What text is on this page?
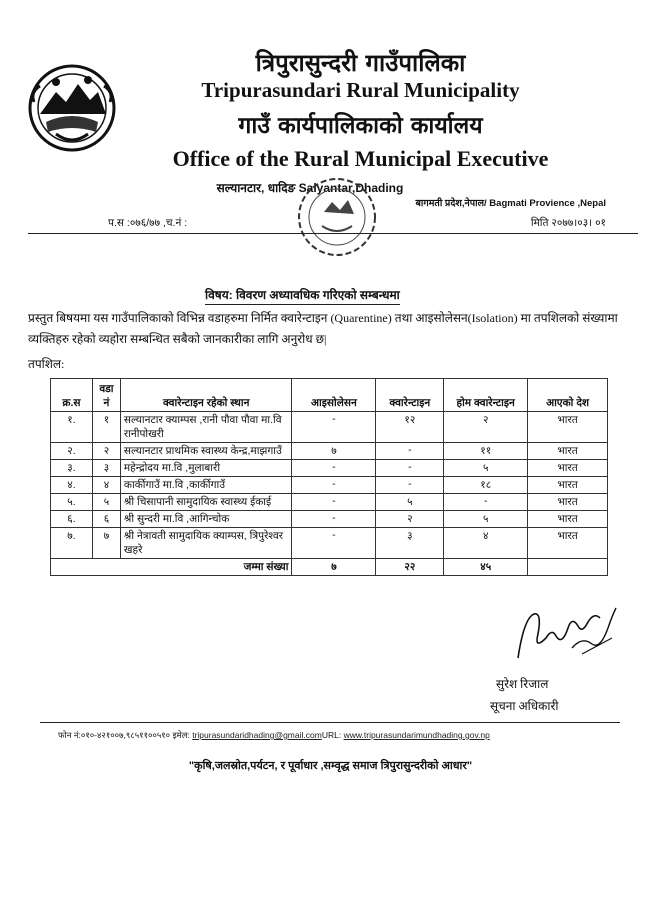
त्रिपुरासुन्दरी गाउँपालिका
Tripurasundari Rural Municipality
गाउँ कार्यपालिकाको कार्यालय
Office of the Rural Municipal Executive
सल्यानटार, धादिङ Salyantar,Dhading
बागमती प्रदेश,नेपाल/ Bagmati Provience ,Nepal
प.स :०७६/७७ ,च.नं :	मिति २०७७।०३। ०१
विषय: विवरण अध्यावधिक गरिएको सम्बन्धमा
प्रस्तुत बिषयमा यस गाउँपालिकाको विभिन्न वडाहरुमा निर्मित क्वारेन्टाइन (Quarentine) तथा आइसोलेसन(Isolation) मा तपशिलको संख्यामा व्यक्तिहरु रहेको व्यहोरा सम्बन्धित सबैको जानकारीका लागि अनुरोध छ|
तपशिल:
क्र.स	वडा नं	क्वारेन्टाइन रहेको स्थान	आइसोलेसन	क्वारेन्टाइन	होम क्वारेन्टाइन	आएको देश
१.	१	सल्यानटार क्याम्पस ,रानी पौवा पौवा मा.वि रानीपोखरी	-	१२	२	भारत
२.	२	सल्यानटार प्राथमिक स्वास्थ्य केन्द्र,माझगाउँ	७	-	११	भारत
३.	३	महेन्द्रोदय मा.वि ,मुलाबारी	-	-	५	भारत
४.	४	कार्कीगाउँ मा.वि ,कार्कीगाउँ	-	-	१८	भारत
५.	५	श्री चिसापानी सामुदायिक स्वास्थ्य ईकाई	-	५	-	भारत
६.	६	श्री सुन्दरी मा.वि ,आगिन्चोक	-	२	५	भारत
७.	७	श्री नेत्रावती सामुदायिक क्याम्पस, त्रिपुरेश्वर खहरे	-	३	४	भारत
जम्मा संख्या			७	२२	४५	
सुरेश रिजाल
सूचना अधिकारी
फोन नं:०१०-४२१००७,९८५११००५१० इमेल: tripurasundaridhading@gmail.comURL: www.tripurasundarimundhading.gov.np
"कृषि,जलस्रोत,पर्यटन, र पूर्वाधार ,सम्वृद्ध समाज त्रिपुरासुन्दरीको आधार"
